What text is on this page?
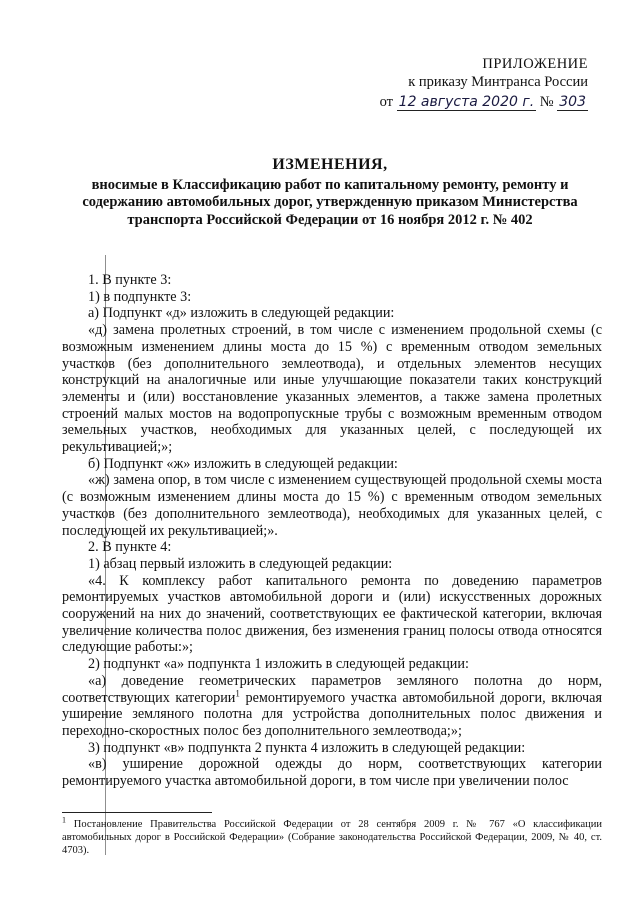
ПРИЛОЖЕНИЕ
к приказу Минтранса России
от 12 августа 2020 г. № 303
ИЗМЕНЕНИЯ,
вносимые в Классификацию работ по капитальному ремонту, ремонту и содержанию автомобильных дорог, утвержденную приказом Министерства транспорта Российской Федерации от 16 ноября 2012 г. № 402

1. В пункте 3:

1) в подпункте 3:

а) Подпункт «д» изложить в следующей редакции:

«д) замена пролетных строений, в том числе с изменением продольной схемы (с возможным изменением длины моста до 15 %) с временным отводом земельных участков (без дополнительного землеотвода), и отдельных элементов несущих конструкций на аналогичные или иные улучшающие показатели таких конструкций элементы и (или) восстановление указанных элементов, а также замена пролетных строений малых мостов на водопропускные трубы с возможным временным отводом земельных участков, необходимых для указанных целей, с последующей их рекультивацией;»;

б) Подпункт «ж» изложить в следующей редакции:

«ж) замена опор, в том числе с изменением существующей продольной схемы моста (с возможным изменением длины моста до 15 %) с временным отводом земельных участков (без дополнительного землеотвода), необходимых для указанных целей, с последующей их рекультивацией;».

2. В пункте 4:

1) абзац первый изложить в следующей редакции:

«4. К комплексу работ капитального ремонта по доведению параметров ремонтируемых участков автомобильной дороги и (или) искусственных дорожных сооружений на них до значений, соответствующих ее фактической категории, включая увеличение количества полос движения, без изменения границ полосы отвода относятся следующие работы:»;

2) подпункт «а» подпункта 1 изложить в следующей редакции:

«а) доведение геометрических параметров земляного полотна до норм, соответствующих категории$^1$ ремонтируемого участка автомобильной дороги, включая уширение земляного полотна для устройства дополнительных полос движения и переходно-скоростных полос без дополнительного землеотвода;»;

3) подпункт «в» подпункта 2 пункта 4 изложить в следующей редакции:

«в) уширение дорожной одежды до норм, соответствующих категории ремонтируемого участка автомобильной дороги, в том числе при увеличении полос

$^1$ Постановление Правительства Российской Федерации от 28 сентября 2009 г. № 767 «О классификации автомобильных дорог в Российской Федерации» (Собрание законодательства Российской Федерации, 2009, № 40, ст. 4703).
